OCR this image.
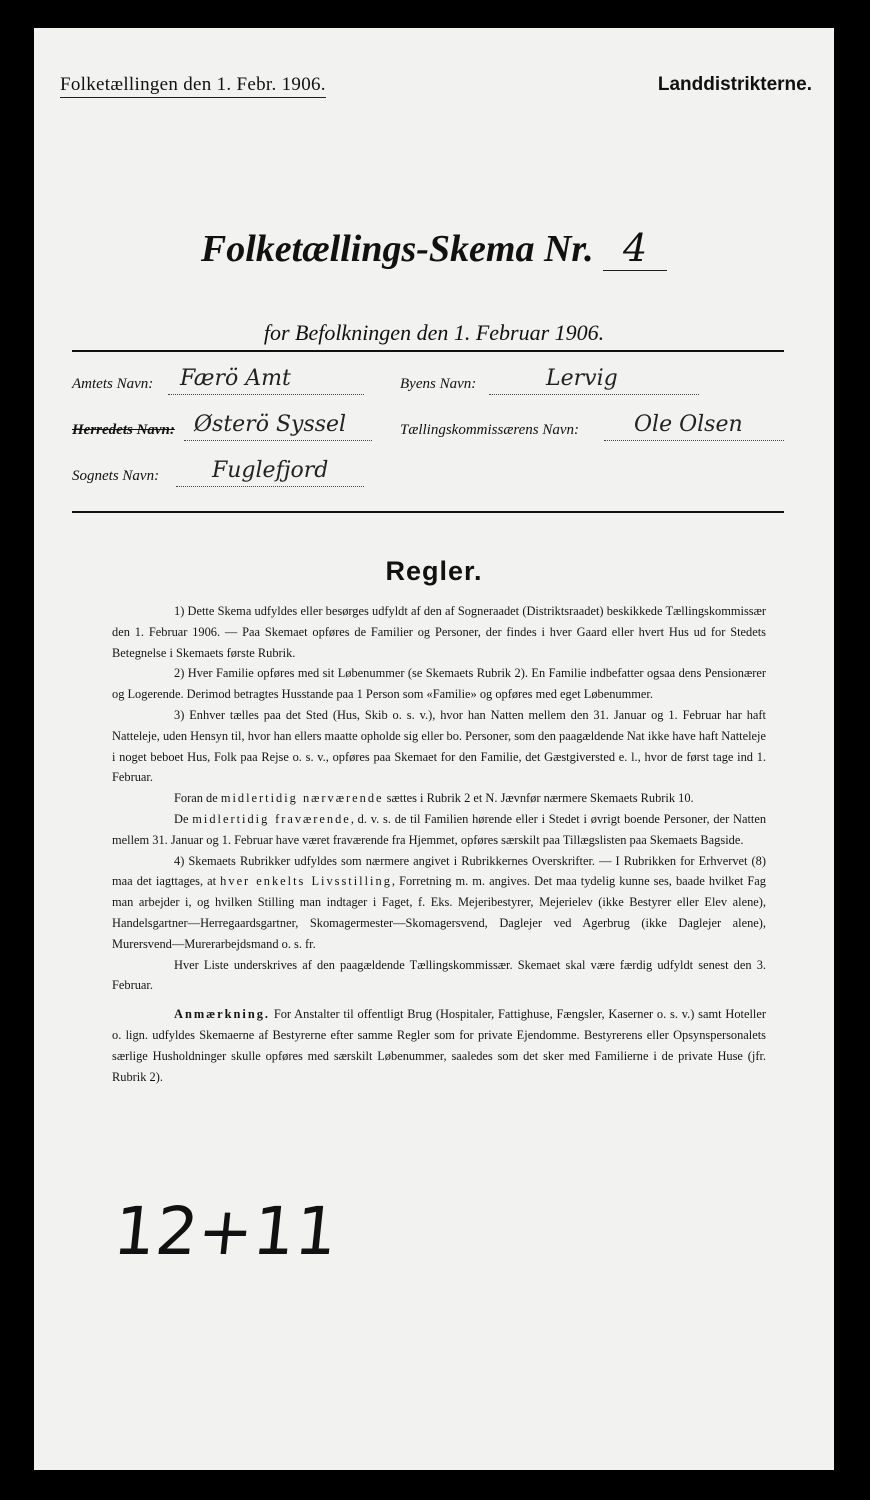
Folketællingen den 1. Febr. 1906.	Landdistrikterne.
Folketællings-Skema Nr. 4
for Befolkningen den 1. Februar 1906.
Amtets Navn: Færö Amt	Byens Navn:	Lervig
Herredets Navn: Østerö Syssel	Tællingskommissærens Navn: Ole Olsen
Sognets Navn: Fuglefjord
Regler.

1) Dette Skema udfyldes eller besørges udfyldt af den af Sogneraadet (Distriktsraadet) beskikkede Tællingskommissær den 1. Februar 1906. — Paa Skemaet opføres de Familier og Personer, der findes i hver Gaard eller hvert Hus ud for Stedets Betegnelse i Skemaets første Rubrik.

2) Hver Familie opføres med sit Løbenummer (se Skemaets Rubrik 2). En Familie indbefatter ogsaa dens Pensionærer og Logerende. Derimod betragtes Husstande paa 1 Person som «Familie» og opføres med eget Løbenummer.

3) Enhver tælles paa det Sted (Hus, Skib o. s. v.), hvor han Natten mellem den 31. Januar og 1. Februar har haft Natteleje, uden Hensyn til, hvor han ellers maatte opholde sig eller bo. Personer, som den paagældende Nat ikke have haft Natteleje i noget beboet Hus, Folk paa Rejse o. s. v., opføres paa Skemaet for den Familie, det Gæstgiversted e. l., hvor de først tage ind 1. Februar.

Foran de midlertidig nærværende sættes i Rubrik 2 et N. Jævnfør nærmere Skemaets Rubrik 10.

De midlertidig fraværende, d. v. s. de til Familien hørende eller i Stedet i øvrigt boende Personer, der Natten mellem 31. Januar og 1. Februar have været fraværende fra Hjemmet, opføres særskilt paa Tillægslisten paa Skemaets Bagside.

4) Skemaets Rubrikker udfyldes som nærmere angivet i Rubrikkernes Overskrifter. — I Rubrikken for Erhvervet (8) maa det iagttages, at hver enkelts Livsstilling, Forretning m. m. angives. Det maa tydelig kunne ses, baade hvilket Fag man arbejder i, og hvilken Stilling man indtager i Faget, f. Eks. Mejeribestyrer, Mejerielev (ikke Bestyrer eller Elev alene), Handelsgartner—Herregaardsgartner, Skomagermester—Skomagersvend, Daglejer ved Agerbrug (ikke Daglejer alene), Murersvend—Murerarbejdsmand o. s. fr.

Hver Liste underskrives af den paagældende Tællingskommissær. Skemaet skal være færdig udfyldt senest den 3. Februar.

Anmærkning. For Anstalter til offentligt Brug (Hospitaler, Fattighuse, Fængsler, Kaserner o. s. v.) samt Hoteller o. lign. udfyldes Skemaerne af Bestyrerne efter samme Regler som for private Ejendomme. Bestyrerens eller Opsynspersonalets særlige Husholdninger skulle opføres med særskilt Løbenummer, saaledes som det sker med Familierne i de private Huse (jfr. Rubrik 2).

12+11
